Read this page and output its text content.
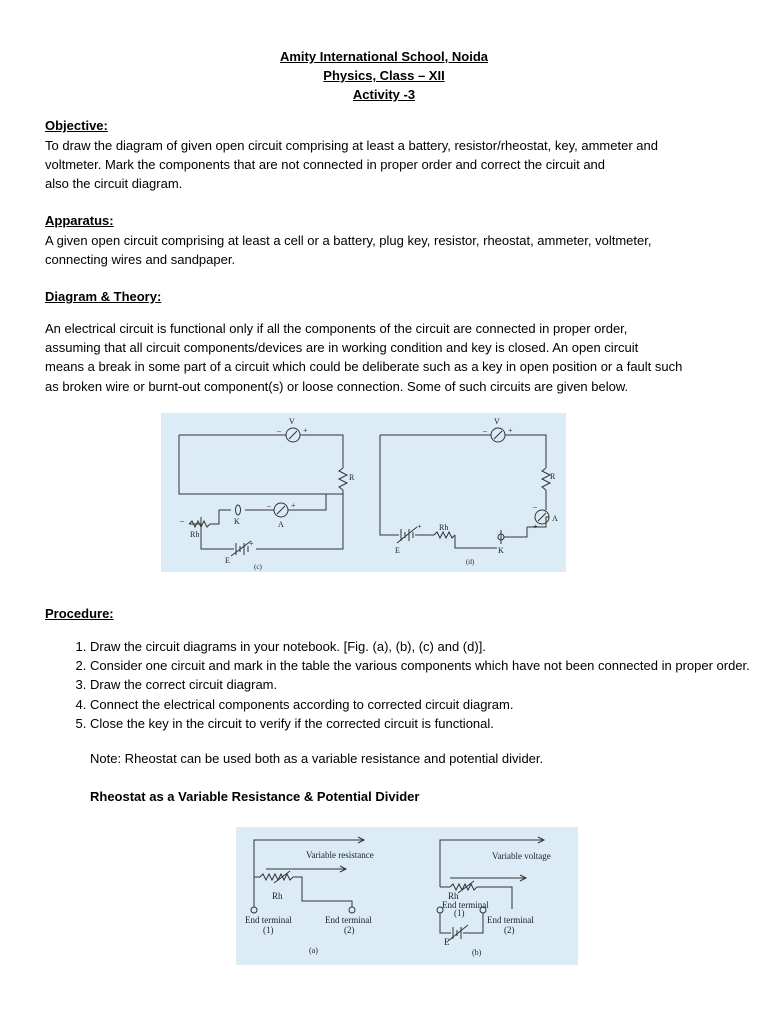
Amity International School, Noida
Physics, Class – XII
Activity -3
Objective:
To draw the diagram of given open circuit comprising at least a battery, resistor/rheostat, key, ammeter and
voltmeter. Mark the components that are not connected in proper order and correct the circuit and
also the circuit diagram.
Apparatus:
A given open circuit comprising at least a cell or a battery, plug key, resistor, rheostat, ammeter, voltmeter,
connecting wires and sandpaper.
Diagram & Theory:
An electrical circuit is functional only if all the components of the circuit are connected in proper order,
assuming that all circuit components/devices are in working condition and key is closed. An open circuit
means a break in some part of a circuit which could be deliberate such as a key in open position or a fault such
as broken wire or burnt-out component(s) or loose connection. Some of such circuits are given below.
V
–	+
R
K
–	+
A
Rh
–
E
+
(c)
V
–	+
R
A
–
+
Rh
E
+
K
(d)
Procedure:
1. Draw the circuit diagrams in your notebook. [Fig. (a), (b), (c) and (d)].
2. Consider one circuit and mark in the table the various components which have not been connected in proper order.
3. Draw the correct circuit diagram.
4. Connect the electrical components according to corrected circuit diagram.
5. Close the key in the circuit to verify if the corrected circuit is functional.
Note: Rheostat can be used both as a variable resistance and potential divider.
Rheostat as a Variable Resistance & Potential Divider
Variable resistance
Rh
End terminal
(1)
End terminal
(2)
(a)
Variable voltage
Rh
End terminal
(1)
End terminal
(2)
E
(b)
